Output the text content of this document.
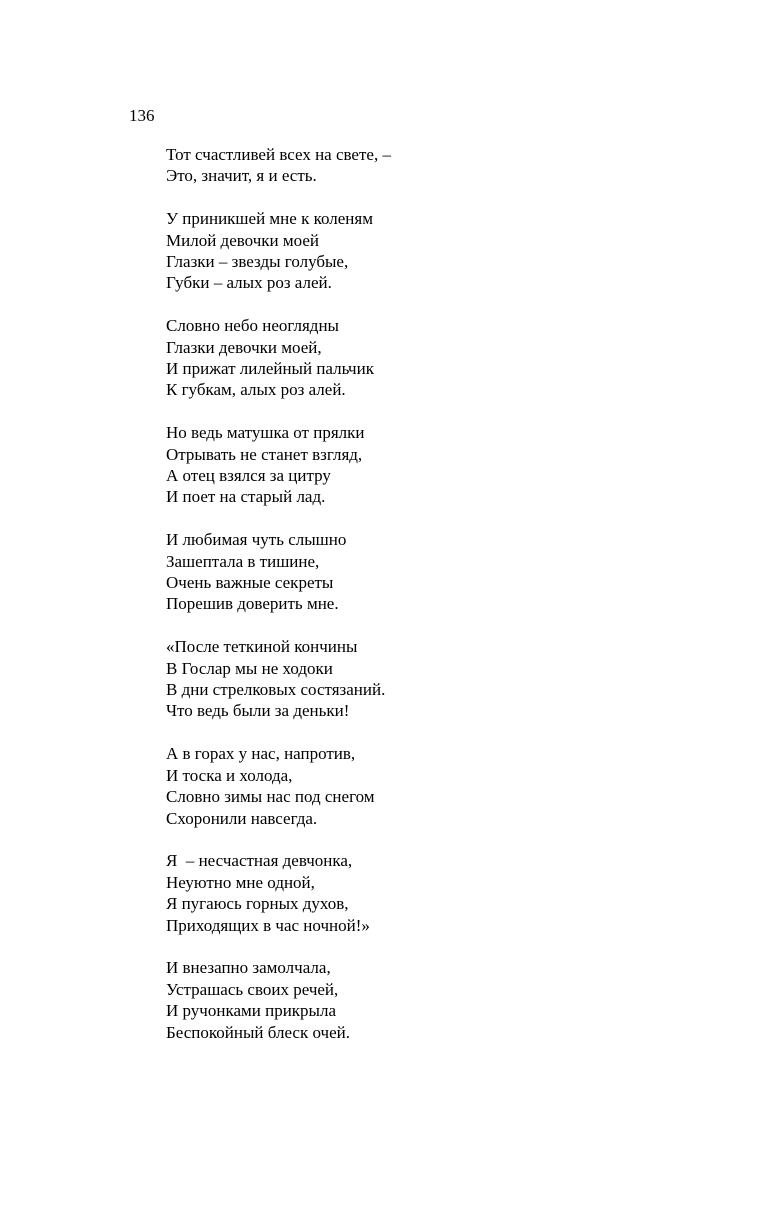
136
Тот счастливей всех на свете, –
Это, значит, я и есть.
У приникшей мне к коленям
Милой девочки моей
Глазки – звезды голубые,
Губки – алых роз алей.
Словно небо неоглядны
Глазки девочки моей,
И прижат лилейный пальчик
К губкам, алых роз алей.
Но ведь матушка от прялки
Отрывать не станет взгляд,
А отец взялся за цитру
И поет на старый лад.
И любимая чуть слышно
Зашептала в тишине,
Очень важные секреты
Порешив доверить мне.
«После теткиной кончины
В Гослар мы не ходоки
В дни стрелковых состязаний.
Что ведь были за деньки!
А в горах у нас, напротив,
И тоска и холода,
Словно зимы нас под снегом
Схоронили навсегда.
Я  – несчастная девчонка,
Неуютно мне одной,
Я пугаюсь горных духов,
Приходящих в час ночной!»
И внезапно замолчала,
Устрашась своих речей,
И ручонками прикрыла
Беспокойный блеск очей.
